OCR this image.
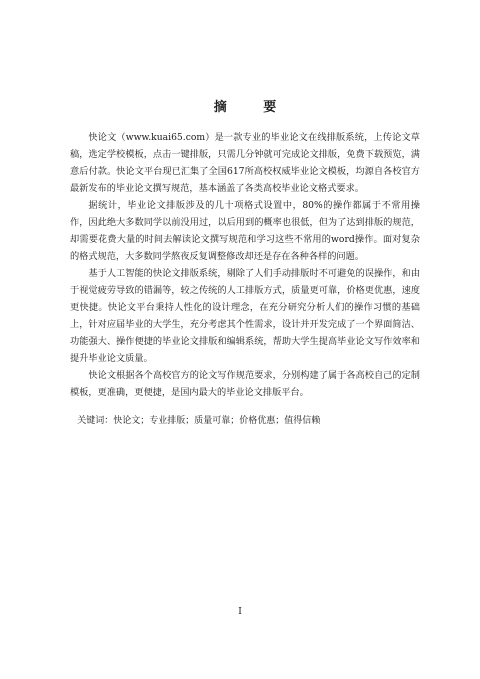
摘 要

快论文（www.kuai65.com）是一款专业的毕业论文在线排版系统，上传论文草稿，选定学校模板，点击一键排版，只需几分钟就可完成论文排版，免费下载预览，满意后付款。快论文平台现已汇集了全国617所高校权威毕业论文模板，均源自各校官方最新发布的毕业论文撰写规范，基本涵盖了各类高校毕业论文格式要求。

据统计，毕业论文排版涉及的几十项格式设置中，80%的操作都属于不常用操作，因此绝大多数同学以前没用过，以后用到的概率也很低，但为了达到排版的规范，却需要花费大量的时间去解读论文撰写规范和学习这些不常用的word操作。面对复杂的格式规范，大多数同学熬夜反复调整修改却还是存在各种各样的问题。

基于人工智能的快论文排版系统，剔除了人们手动排版时不可避免的误操作，和由于视觉疲劳导致的错漏等，较之传统的人工排版方式，质量更可靠，价格更优惠，速度更快捷。快论文平台秉持人性化的设计理念，在充分研究分析人们的操作习惯的基础上，针对应届毕业的大学生，充分考虑其个性需求，设计并开发完成了一个界面简洁、功能强大、操作便捷的毕业论文排版和编辑系统，帮助大学生提高毕业论文写作效率和提升毕业论文质量。

快论文根据各个高校官方的论文写作规范要求，分别构建了属于各高校自己的定制模板，更准确，更便捷，是国内最大的毕业论文排版平台。

关键词：快论文；专业排版；质量可靠；价格优惠；值得信赖
I
